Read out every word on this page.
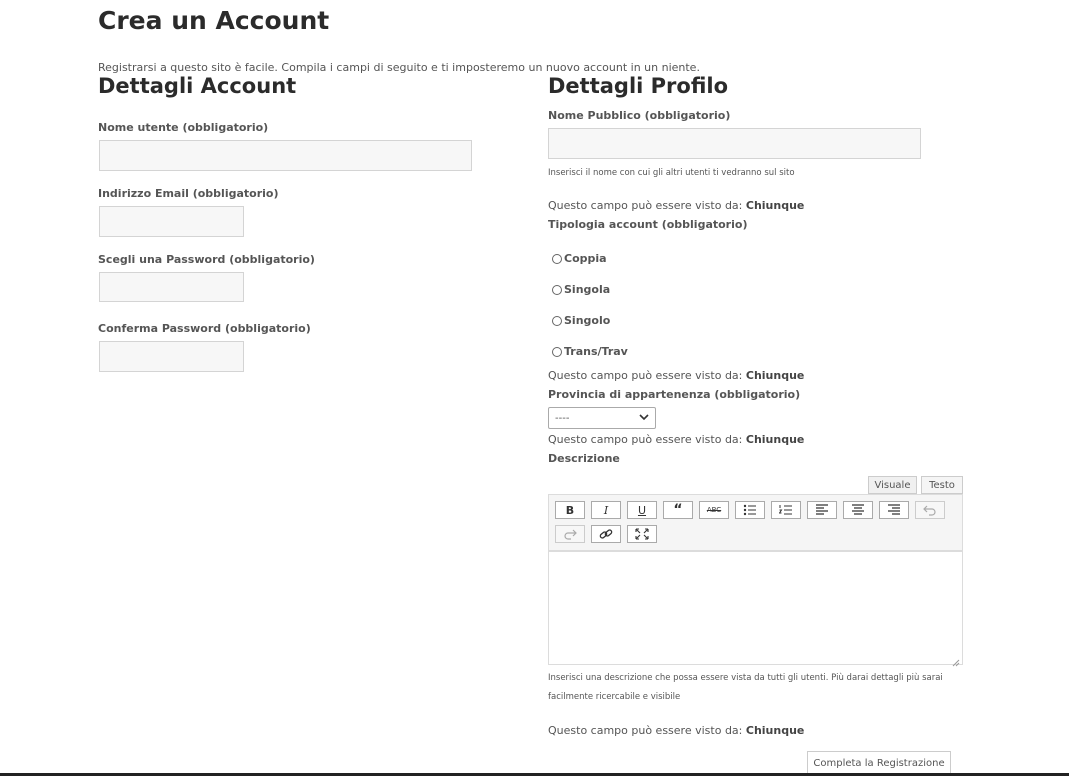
Crea un Account
Registrarsi a questo sito è facile. Compila i campi di seguito e ti imposteremo un nuovo account in un niente.
Dettagli Account
Nome utente (obbligatorio)
Indirizzo Email (obbligatorio)
Scegli una Password (obbligatorio)
Conferma Password (obbligatorio)
Dettagli Profilo
Nome Pubblico (obbligatorio)
Inserisci il nome con cui gli altri utenti ti vedranno sul sito
Questo campo può essere visto da: Chiunque
Tipologia account (obbligatorio)
Coppia
Singola
Singolo
Trans/Trav
Questo campo può essere visto da: Chiunque
Provincia di appartenenza (obbligatorio)
----
Questo campo può essere visto da: Chiunque
Descrizione
Visuale	Testo
B	I	U	“	ABC
Inserisci una descrizione che possa essere vista da tutti gli utenti. Più darai dettagli più sarai
facilmente ricercabile e visibile
Questo campo può essere visto da: Chiunque
Completa la Registrazione
